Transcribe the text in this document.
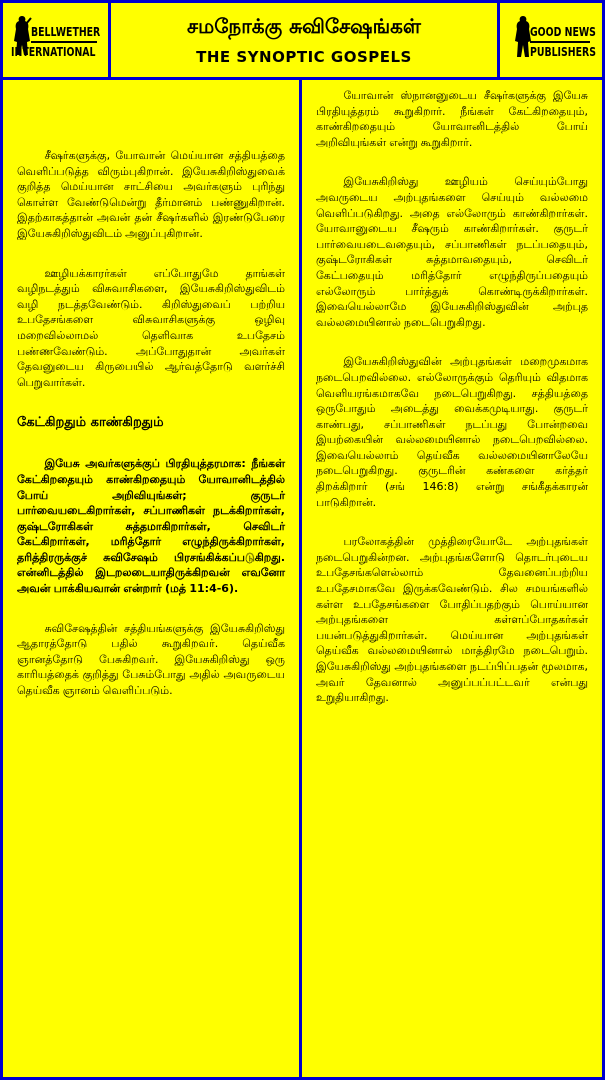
BELLWETHER
INTERNATIONAL
சமநோக்கு சுவிசேஷங்கள்
THE SYNOPTIC GOSPELS
GOOD NEWS
PUBLISHERS

சீஷர்களுக்கு, யோவான் மெய்யான சத்தியத்தை வெளிப்படுத்த விரும்புகிறான். இயேசுகிறிஸ்துவைக் குறித்த மெய்யான சாட்சியை அவர்களும் புரிந்து கொள்ள வேண்டுமென்று தீர்மானம் பண்ணுகிறான். இதற்காகத்தான் அவன் தன் சீஷர்களில் இரண்டுபேரை இயேசுகிறிஸ்துவிடம் அனுப்புகிறான்.

ஊழியக்காரர்கள் எப்போதுமே தாங்கள் வழிநடத்தும் விசுவாசிகளை, இயேசுகிறிஸ்துவிடம் வழி நடத்தவேண்டும். கிறிஸ்துவைப் பற்றிய உபதேசங்களை விசுவாசிகளுக்கு ஒழிவு மறைவில்லாமல் தெளிவாக உபதேசம் பண்ணவேண்டும். அப்போதுதான் அவர்கள் தேவனுடைய கிருபையில் ஆர்வத்தோடு வளர்ச்சி பெறுவார்கள்.

கேட்கிறதும் காண்கிறதும்

இயேசு அவர்களுக்குப் பிரதியுத்தரமாக: நீங்கள் கேட்கிறதையும் காண்கிறதையும் யோவானிடத்தில் போய் அறிவியுங்கள்; குருடர் பார்வையடைகிறார்கள், சப்பாணிகள் நடக்கிறார்கள், குஷ்டரோகிகள் சுத்தமாகிறார்கள், செவிடர் கேட்கிறார்கள், மரித்தோர் எழுந்திருக்கிறார்கள், தரித்திரருக்குச் சுவிசேஷம் பிரசங்கிக்கப்படுகிறது. என்னிடத்தில் இடறலடையாதிருக்கிறவன் எவனோ அவன் பாக்கியவான் என்றார் (மத் 11:4-6).

சுவிசேஷத்தின் சத்தியங்களுக்கு இயேசுகிறிஸ்து ஆதாரத்தோடு பதில் கூறுகிறவர். தெய்வீக ஞானத்தோடு பேசுகிறவர். இயேசுகிறிஸ்து ஒரு காரியத்தைக் குறித்து பேசும்போது அதில் அவருடைய தெய்வீக ஞானம் வெளிப்படும்.

யோவான் ஸ்நானனுடைய சீஷர்களுக்கு இயேசு பிரதியுத்தரம் கூறுகிறார். நீங்கள் கேட்கிறதையும், காண்கிறதையும் யோவானிடத்தில் போய் அறிவியுங்கள் என்று கூறுகிறார்.

இயேசுகிறிஸ்து ஊழியம் செய்யும்போது அவருடைய அற்புதங்களை செய்யும் வல்லமை வெளிப்படுகிறது. அதை எல்லோரும் காண்கிறார்கள். யோவானுடைய சீஷரும் காண்கிறார்கள். குருடர் பார்வையடைவதையும், சப்பாணிகள் நடப்பதையும், குஷ்டரோகிகள் சுத்தமாவதையும், செவிடர் கேட்பதையும் மரித்தோர் எழுந்திருப்பதையும் எல்லோரும் பார்த்துக் கொண்டிருக்கிறார்கள். இவையெல்லாமே இயேசுகிறிஸ்துவின் அற்புத வல்லமையினால் நடைபெறுகிறது.

இயேசுகிறிஸ்துவின் அற்புதங்கள் மறைமுகமாக நடைபெறவில்லை. எல்லோருக்கும் தெரியும் விதமாக வெளியரங்கமாகவே நடைபெறுகிறது. சத்தியத்தை ஒருபோதும் அடைத்து வைக்கமுடியாது. குருடர் காண்பது, சப்பாணிகள் நடப்பது போன்றவை இயற்கையின் வல்லமையினால் நடைபெறவில்லை. இவையெல்லாம் தெய்வீக வல்லமையினாலேயே நடைபெறுகிறது. குருடரின் கண்களை கர்த்தர் திறக்கிறார் (சங் 146:8) என்று சங்கீதக்காரன் பாடுகிறான்.

பரலோகத்தின் முத்திரையோடே அற்புதங்கள் நடைபெறுகின்றன. அற்புதங்களோடு தொடர்புடைய உபதேசங்களெல்லாம் தேவனைப்பற்றிய உபதேசமாகவே இருக்கவேண்டும். சில சமயங்களில் கள்ள உபதேசங்களை போதிப்பதற்கும் பொய்யான அற்புதங்களை கள்ளப்போதகர்கள் பயன்படுத்துகிறார்கள். மெய்யான அற்புதங்கள் தெய்வீக வல்லமையினால் மாத்திரமே நடைபெறும். இயேசுகிறிஸ்து அற்புதங்களை நடப்பிப்பதன் மூலமாக, அவர் தேவனால் அனுப்பப்பட்டவர் என்பது உறுதியாகிறது.
